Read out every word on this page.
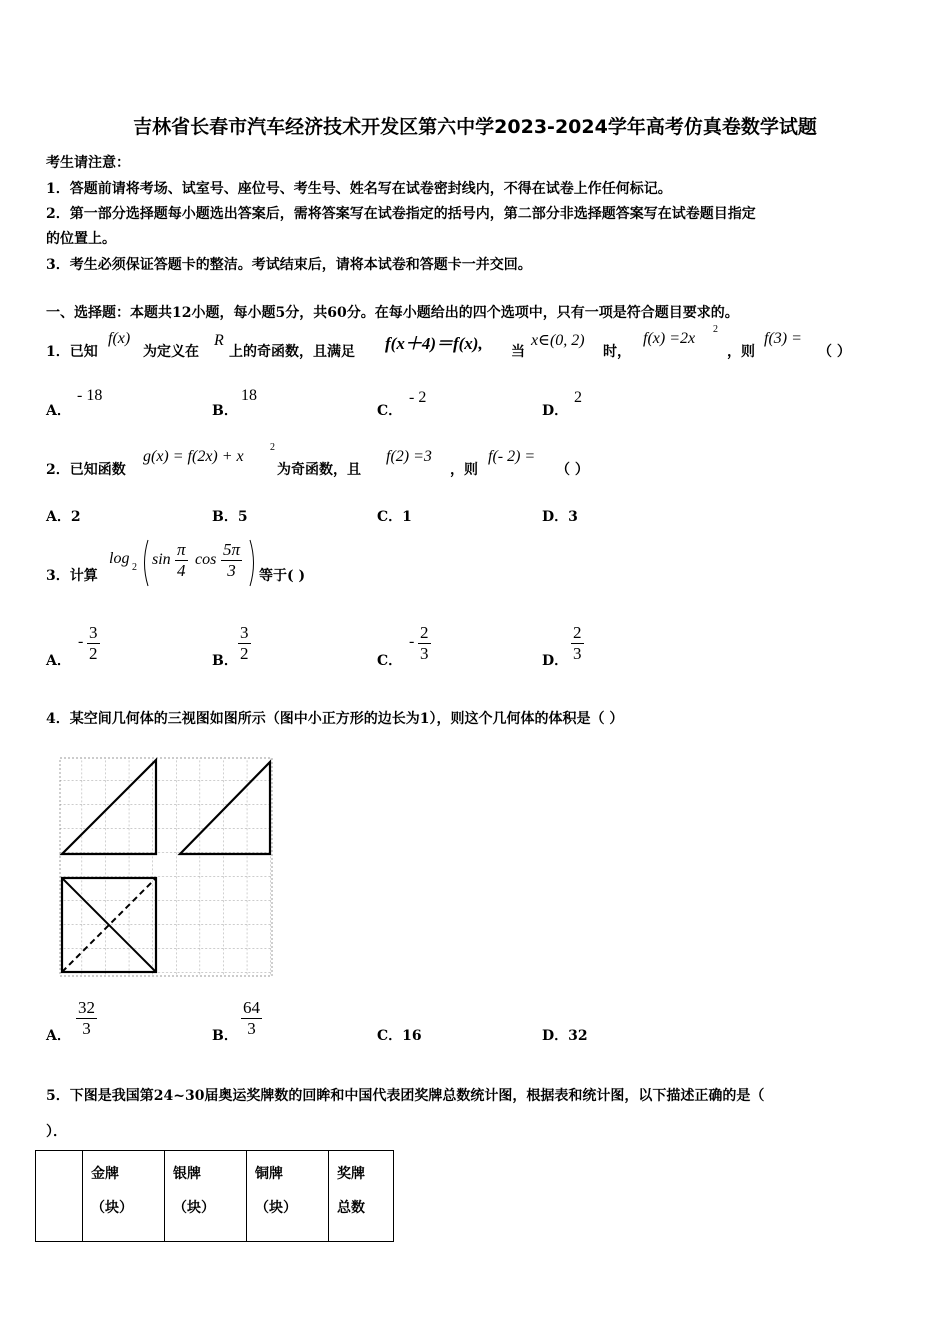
吉林省长春市汽车经济技术开发区第六中学2023-2024学年高考仿真卷数学试题
考生请注意：
1．答题前请将考场、试室号、座位号、考生号、姓名写在试卷密封线内，不得在试卷上作任何标记。
2．第一部分选择题每小题选出答案后，需将答案写在试卷指定的括号内，第二部分非选择题答案写在试卷题目指定
的位置上。
3．考生必须保证答题卡的整洁。考试结束后，请将本试卷和答题卡一并交回。
一、选择题：本题共12小题，每小题5分，共60分。在每小题给出的四个选项中，只有一项是符合题目要求的。
1．已知
f(x)
为定义在
R
上的奇函数，且满足 f(x＋4)＝f(x), 当
x∈(0, 2)
时，
f(x) =2x
2
，则
f(3) =
（ ）
A．
- 18
B．
18
C．
- 2
D．
2
2．已知函数
g(x) = f(2x) + x
2
为奇函数，且
f(2) =3
，则
f(- 2) =
（ ）
A．2	B．5	C．1	D．3
3．计算
log
2 $\sin \frac{\pi}{4}$ $\cos \frac{5\pi}{3}$ 等于( )
A．
- $\frac{3}{2}$	B． $\frac{3}{2}$	C．
- $\frac{2}{3}$	D． $\frac{2}{3}$
4．某空间几何体的三视图如图所示（图中小正方形的边长为1），则这个几何体的体积是（ ）
A． $\frac{32}{3}$	B． $\frac{64}{3}$	C．16	D．32
5．下图是我国第24~30届奥运奖牌数的回眸和中国代表团奖牌总数统计图，根据表和统计图，以下描述正确的是（
）．
	金牌
（块）	银牌
（块）	铜牌
（块）	奖牌
总数
